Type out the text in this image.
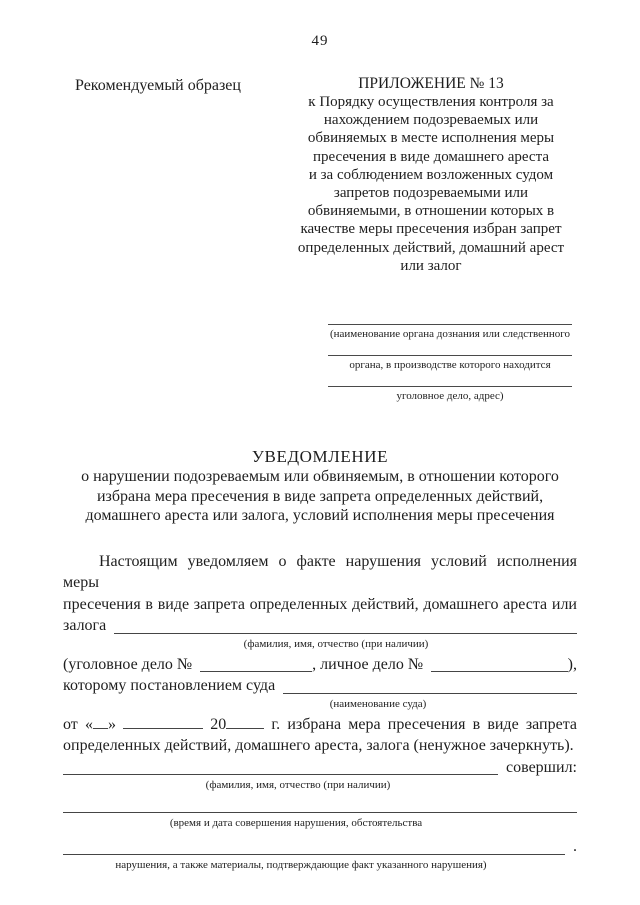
49
Рекомендуемый образец	ПРИЛОЖЕНИЕ № 13
к Порядку осуществления контроля за
нахождением подозреваемых или
обвиняемых в месте исполнения меры
пресечения в виде домашнего ареста
и за соблюдением возложенных судом
запретов подозреваемыми или
обвиняемыми, в отношении которых в
качестве меры пресечения избран запрет
определенных действий, домашний арест
или залог
(наименование органа дознания или следственного
органа, в производстве которого находится
уголовное дело, адрес)
УВЕДОМЛЕНИЕ
о нарушении подозреваемым или обвиняемым, в отношении которого
избрана мера пресечения в виде запрета определенных действий,
домашнего ареста или залога, условий исполнения меры пресечения
Настоящим уведомляем о факте нарушения условий исполнения меры
пресечения в виде запрета определенных действий, домашнего ареста или
залога
(фамилия, имя, отчество (при наличии)
(уголовное дело №	, личное дело №	),
которому постановлением суда
(наименование суда)
от « »	20	г. избрана мера пресечения в виде запрета
определенных действий, домашнего ареста, залога (ненужное зачеркнуть).
совершил:
(фамилия, имя, отчество (при наличии)
(время и дата совершения нарушения, обстоятельства
.
нарушения, а также материалы, подтверждающие факт указанного нарушения)
